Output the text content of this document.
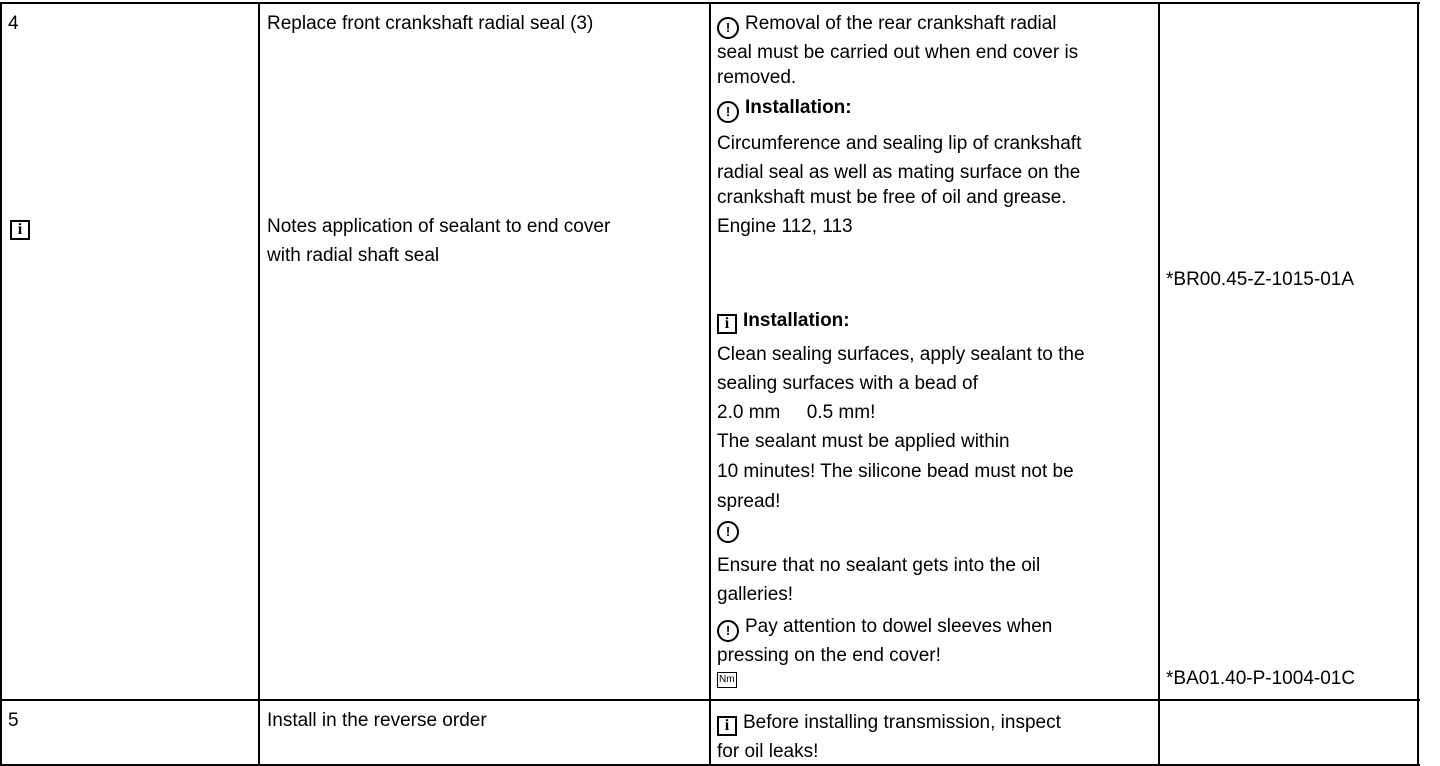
4
i
Replace front crankshaft radial seal (3)
Notes application of sealant to end cover
with radial shaft seal
! Removal of the rear crankshaft radial
seal must be carried out when end cover is
removed.
! Installation:
Circumference and sealing lip of crankshaft
radial seal as well as mating surface on the
crankshaft must be free of oil and grease.
Engine 112, 113
i Installation:
Clean sealing surfaces, apply sealant to the
sealing surfaces with a bead of
2.0 mm     0.5 mm!
The sealant must be applied within
10 minutes! The silicone bead must not be
spread!
!
Ensure that no sealant gets into the oil
galleries!
! Pay attention to dowel sleeves when
pressing on the end cover!
Nm
*BR00.45-Z-1015-01A
*BA01.40-P-1004-01C
5	Install in the reverse order	i Before installing transmission, inspect
for oil leaks!
